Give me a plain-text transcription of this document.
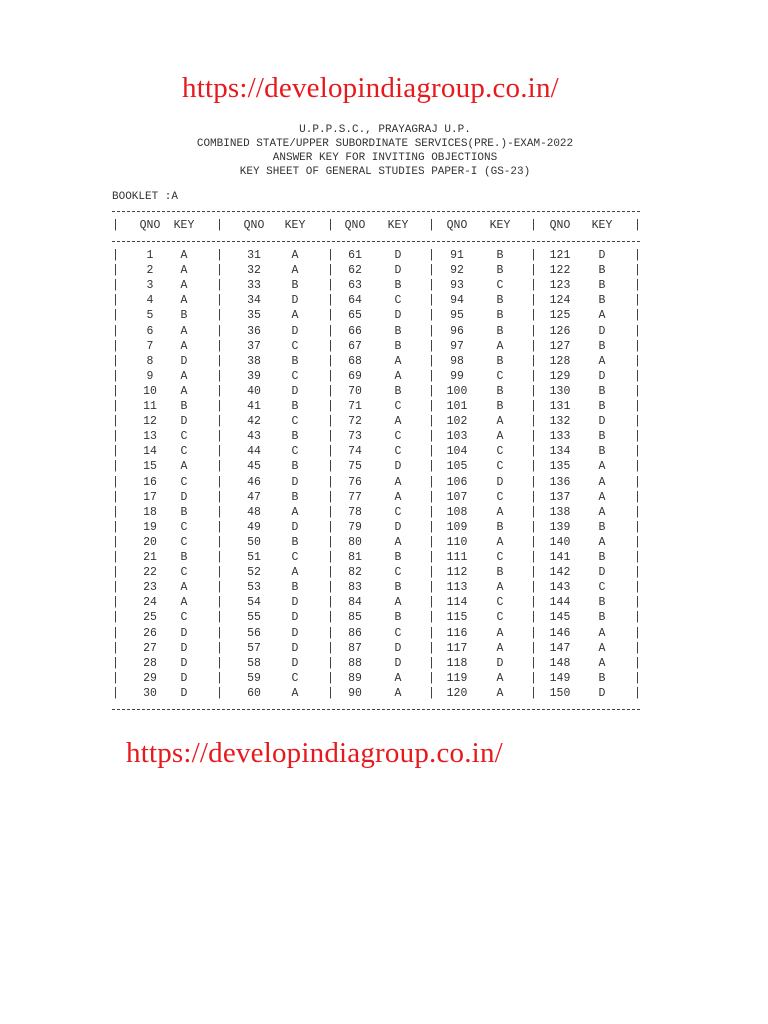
https://developindiagroup.co.in/
U.P.P.S.C., PRAYAGRAJ U.P.
COMBINED STATE/UPPER SUBORDINATE SERVICES(PRE.)-EXAM-2022
ANSWER KEY FOR INVITING OBJECTIONS
KEY SHEET OF GENERAL STUDIES PAPER-I (GS-23)
BOOKLET :A
|	|	|	|	|	|
QNO	KEY	QNO	KEY	QNO	KEY	QNO	KEY	QNO	KEY
|	|	|	|	|	|
1	A	31	A	61	D	91	B	121	D
|	|	|	|	|	|
2	A	32	A	62	D	92	B	122	B
|	|	|	|	|	|
3	A	33	B	63	B	93	C	123	B
|	|	|	|	|	|
4	A	34	D	64	C	94	B	124	B
|	|	|	|	|	|
5	B	35	A	65	D	95	B	125	A
|	|	|	|	|	|
6	A	36	D	66	B	96	B	126	D
|	|	|	|	|	|
7	A	37	C	67	B	97	A	127	B
|	|	|	|	|	|
8	D	38	B	68	A	98	B	128	A
|	|	|	|	|	|
9	A	39	C	69	A	99	C	129	D
|	|	|	|	|	|
10	A	40	D	70	B	100	B	130	B
|	|	|	|	|	|
11	B	41	B	71	C	101	B	131	B
|	|	|	|	|	|
12	D	42	C	72	A	102	A	132	D
|	|	|	|	|	|
13	C	43	B	73	C	103	A	133	B
|	|	|	|	|	|
14	C	44	C	74	C	104	C	134	B
|	|	|	|	|	|
15	A	45	B	75	D	105	C	135	A
|	|	|	|	|	|
16	C	46	D	76	A	106	D	136	A
|	|	|	|	|	|
17	D	47	B	77	A	107	C	137	A
|	|	|	|	|	|
18	B	48	A	78	C	108	A	138	A
|	|	|	|	|	|
19	C	49	D	79	D	109	B	139	B
|	|	|	|	|	|
20	C	50	B	80	A	110	A	140	A
|	|	|	|	|	|
21	B	51	C	81	B	111	C	141	B
|	|	|	|	|	|
22	C	52	A	82	C	112	B	142	D
|	|	|	|	|	|
23	A	53	B	83	B	113	A	143	C
|	|	|	|	|	|
24	A	54	D	84	A	114	C	144	B
|	|	|	|	|	|
25	C	55	D	85	B	115	C	145	B
|	|	|	|	|	|
26	D	56	D	86	C	116	A	146	A
|	|	|	|	|	|
27	D	57	D	87	D	117	A	147	A
|	|	|	|	|	|
28	D	58	D	88	D	118	D	148	A
|	|	|	|	|	|
29	D	59	C	89	A	119	A	149	B
|	|	|	|	|	|
30	D	60	A	90	A	120	A	150	D
https://developindiagroup.co.in/
